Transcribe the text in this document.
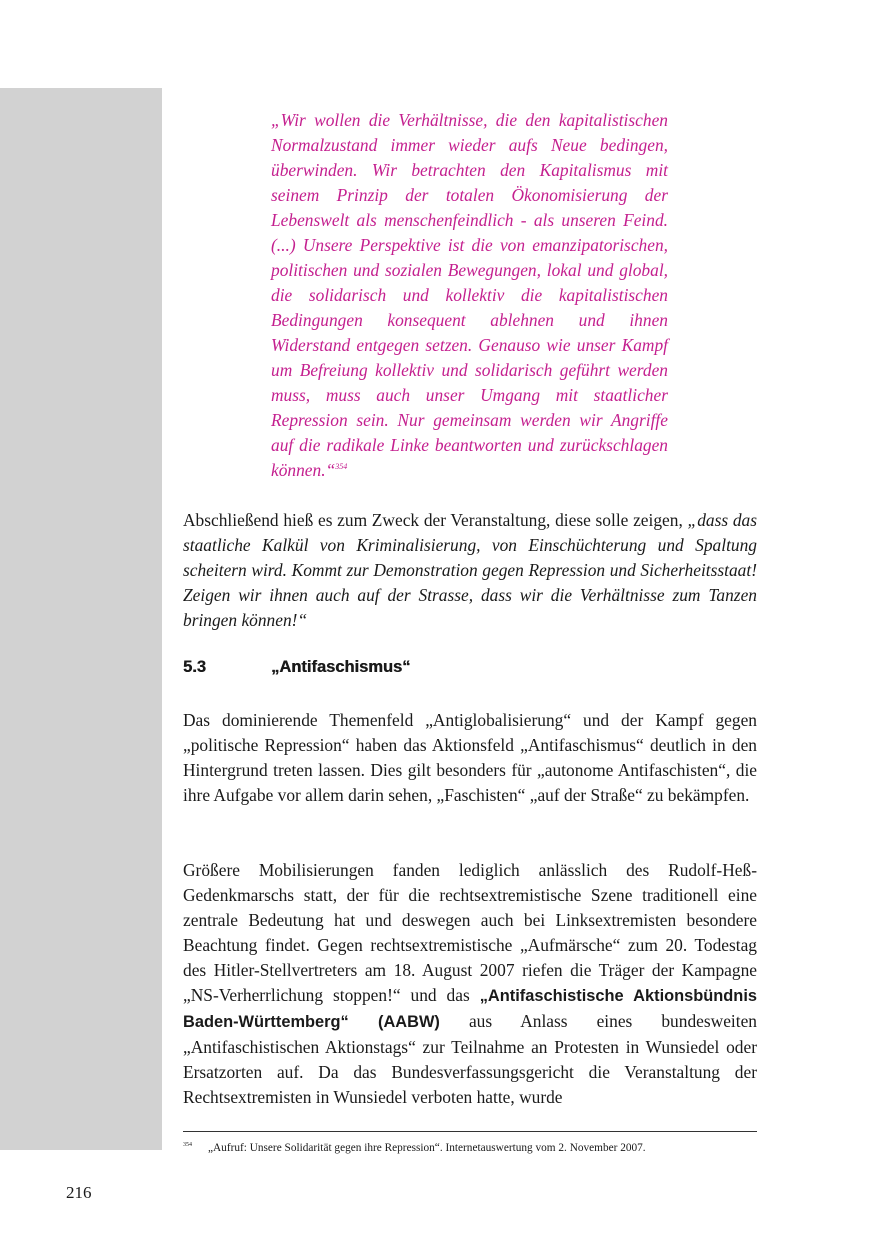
„Wir wollen die Verhältnisse, die den kapitalistischen Normalzustand immer wieder aufs Neue bedingen, überwinden. Wir betrachten den Kapitalismus mit seinem Prinzip der totalen Ökonomisierung der Lebenswelt als menschenfeindlich - als unseren Feind. (...) Unsere Perspektive ist die von emanzipatorischen, politischen und sozialen Bewegungen, lokal und global, die solidarisch und kollektiv die kapitalistischen Bedingungen konsequent ablehnen und ihnen Widerstand entgegen setzen. Genauso wie unser Kampf um Befreiung kollektiv und solidarisch geführt werden muss, muss auch unser Umgang mit staatlicher Repression sein. Nur gemeinsam werden wir Angriffe auf die radikale Linke beantworten und zurückschlagen können.“$^{354}$

Abschließend hieß es zum Zweck der Veranstaltung, diese solle zeigen, „dass das staatliche Kalkül von Kriminalisierung, von Einschüchterung und Spaltung scheitern wird. Kommt zur Demonstration gegen Repression und Sicherheitsstaat! Zeigen wir ihnen auch auf der Strasse, dass wir die Verhältnisse zum Tanzen bringen können!“

5.3	„Antifaschismus“

Das dominierende Themenfeld „Antiglobalisierung“ und der Kampf gegen „politische Repression“ haben das Aktionsfeld „Antifaschismus“ deutlich in den Hintergrund treten lassen. Dies gilt besonders für „autonome Antifaschisten“, die ihre Aufgabe vor allem darin sehen, „Faschisten“ „auf der Straße“ zu bekämpfen.

Größere Mobilisierungen fanden lediglich anlässlich des Rudolf-Heß-Gedenkmarschs statt, der für die rechtsextremistische Szene traditionell eine zentrale Bedeutung hat und deswegen auch bei Linksextremisten besondere Beachtung findet. Gegen rechtsextremistische „Aufmärsche“ zum 20. Todestag des Hitler-Stellvertreters am 18. August 2007 riefen die Träger der Kampagne „NS-Verherrlichung stoppen!“ und das „Antifaschistische Aktionsbündnis Baden-Württemberg“ (AABW) aus Anlass eines bundesweiten „Antifaschistischen Aktionstags“ zur Teilnahme an Protesten in Wunsiedel oder Ersatzorten auf. Da das Bundesverfassungsgericht die Veranstaltung der Rechtsextremisten in Wunsiedel verboten hatte, wurde

$^{354}$ „Aufruf: Unsere Solidarität gegen ihre Repression“. Internetauswertung vom 2. November 2007.

216
